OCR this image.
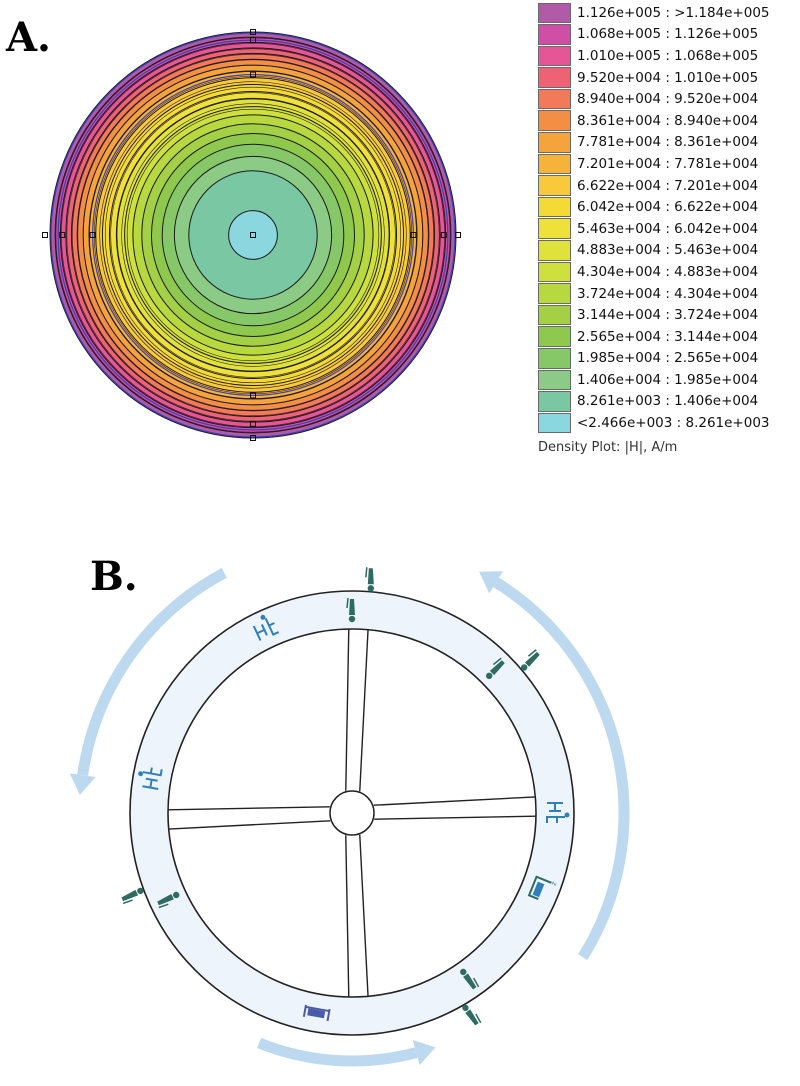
A.
1.126e+005 : >1.184e+005
1.068e+005 : 1.126e+005
1.010e+005 : 1.068e+005
9.520e+004 : 1.010e+005
8.940e+004 : 9.520e+004
8.361e+004 : 8.940e+004
7.781e+004 : 8.361e+004
7.201e+004 : 7.781e+004
6.622e+004 : 7.201e+004
6.042e+004 : 6.622e+004
5.463e+004 : 6.042e+004
4.883e+004 : 5.463e+004
4.304e+004 : 4.883e+004
3.724e+004 : 4.304e+004
3.144e+004 : 3.724e+004
2.565e+004 : 3.144e+004
1.985e+004 : 2.565e+004
1.406e+004 : 1.985e+004
8.261e+003 : 1.406e+004
<2.466e+003 : 8.261e+003
Density Plot: |H|, A/m
B.
z
